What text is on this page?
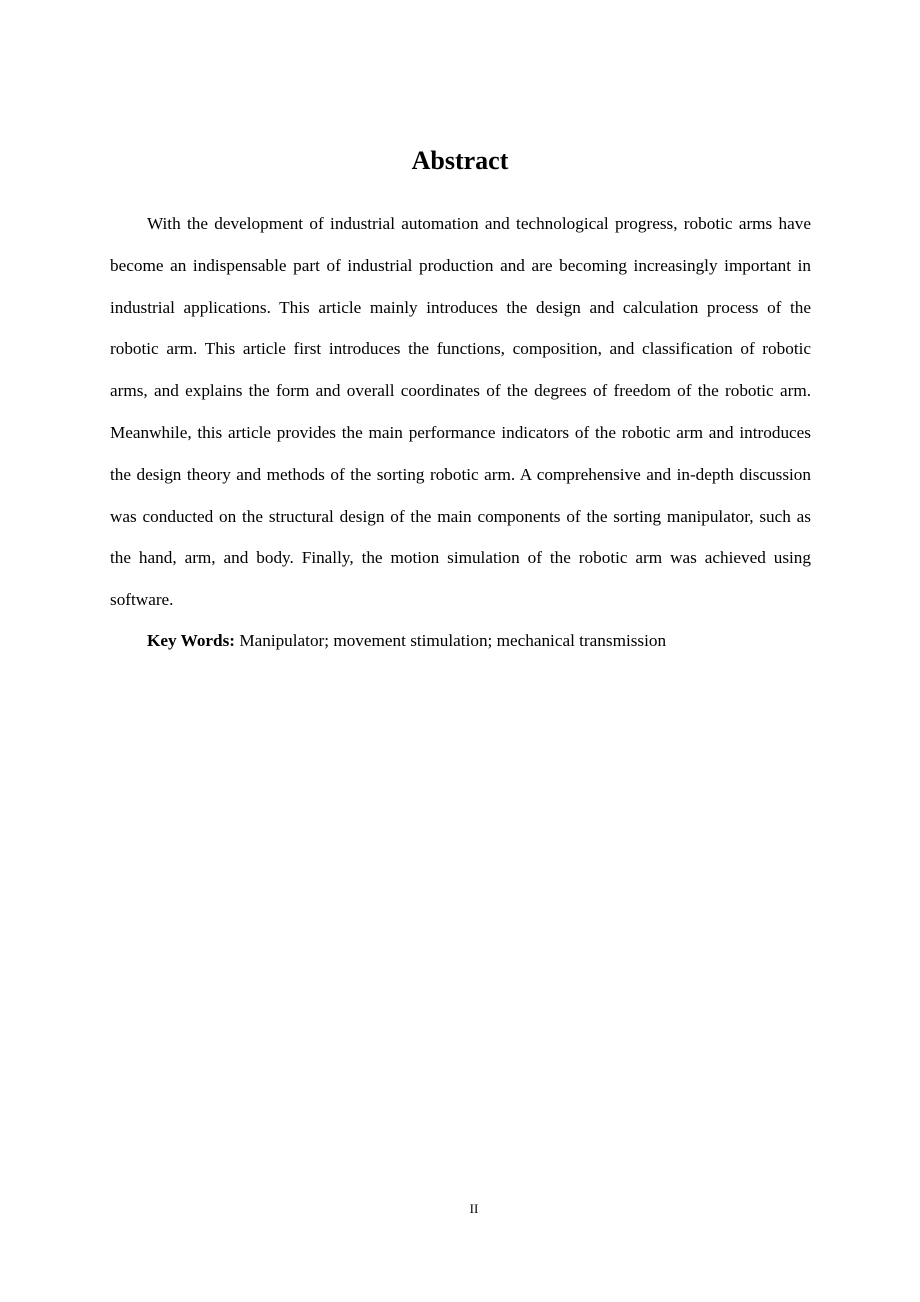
Abstract

With the development of industrial automation and technological progress, robotic arms have become an indispensable part of industrial production and are becoming increasingly important in industrial applications. This article mainly introduces the design and calculation process of the robotic arm. This article first introduces the functions, composition, and classification of robotic arms, and explains the form and overall coordinates of the degrees of freedom of the robotic arm. Meanwhile, this article provides the main performance indicators of the robotic arm and introduces the design theory and methods of the sorting robotic arm. A comprehensive and in-depth discussion was conducted on the structural design of the main components of the sorting manipulator, such as the hand, arm, and body. Finally, the motion simulation of the robotic arm was achieved using software.

Key Words: Manipulator; movement stimulation; mechanical transmission

II
